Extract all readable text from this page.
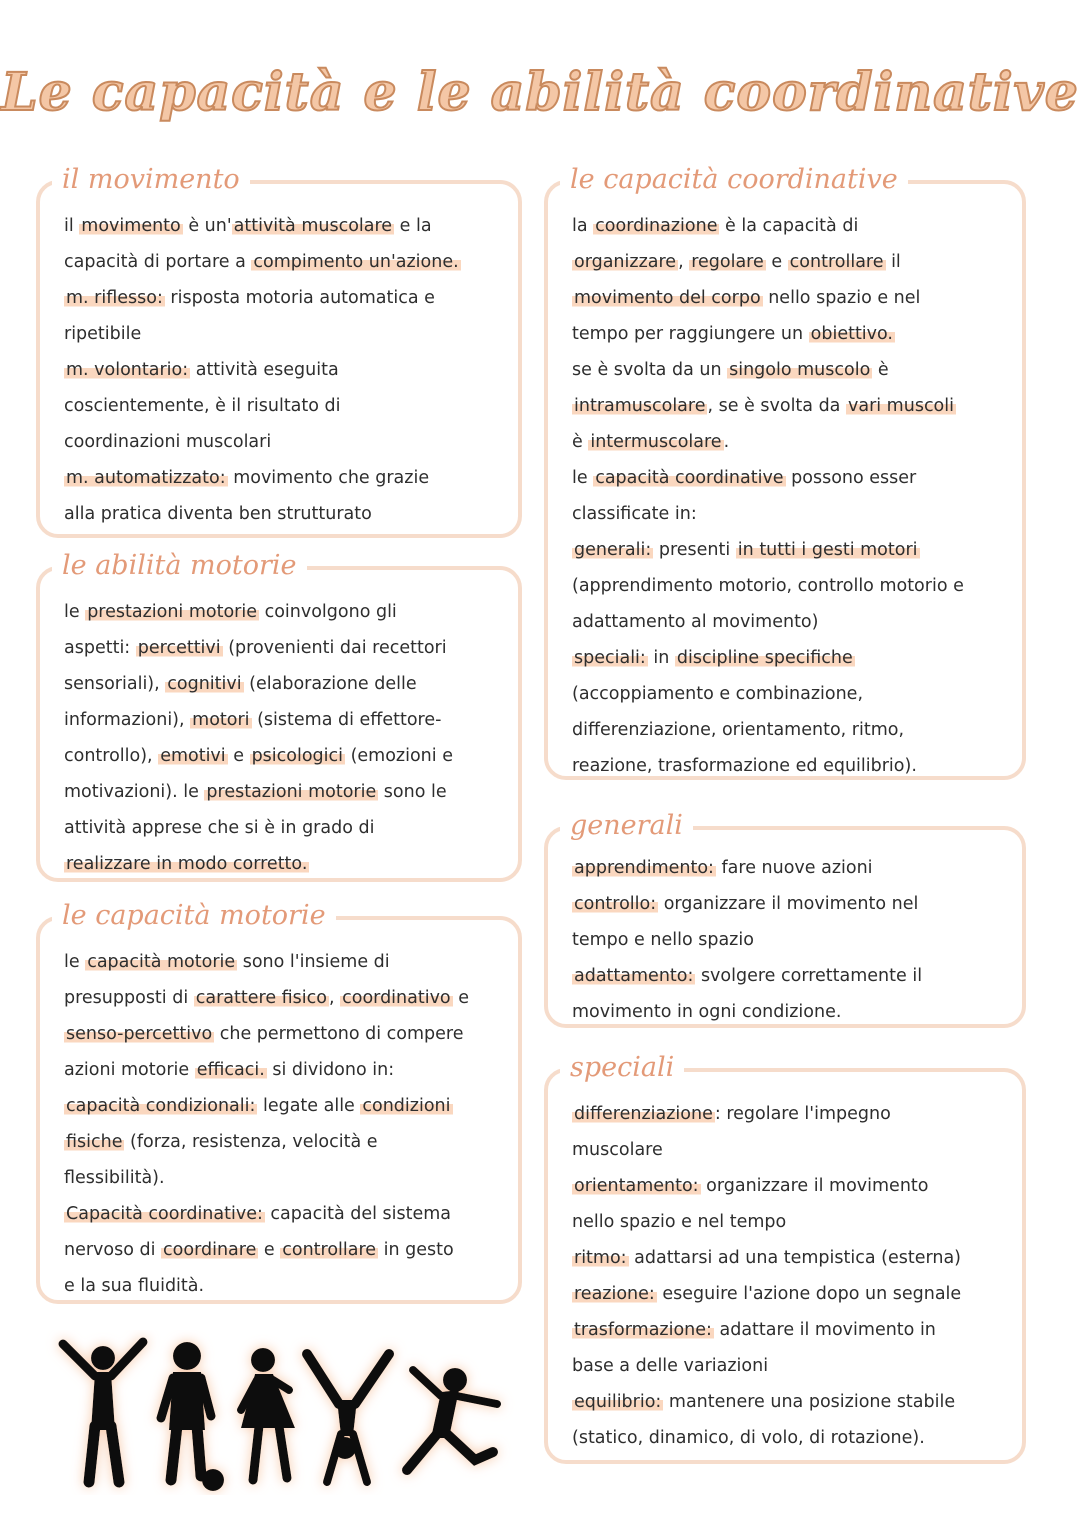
Le capacità e le abilità coordinative
il movimento
il movimento è un' attività muscolare e la
capacità di portare a compimento un'azione.
m. riflesso: risposta motoria automatica e
ripetibile
m. volontario: attività eseguita
coscientemente, è il risultato di
coordinazioni muscolari
m. automatizzato: movimento che grazie
alla pratica diventa ben strutturato
le abilità motorie
le prestazioni motorie coinvolgono gli
aspetti: percettivi (provenienti dai recettori
sensoriali), cognitivi (elaborazione delle
informazioni), motori (sistema di effettore-
controllo), emotivi e psicologici (emozioni e
motivazioni). le prestazioni motorie sono le
attività apprese che si è in grado di
realizzare in modo corretto.
le capacità motorie
le capacità motorie sono l'insieme di
presupposti di carattere fisico , coordinativo e
senso-percettivo che permettono di compere
azioni motorie efficaci. si dividono in:
capacità condizionali: legate alle condizioni
fisiche (forza, resistenza, velocità e
flessibilità).
Capacità coordinative: capacità del sistema
nervoso di coordinare e controllare in gesto
e la sua fluidità.
le capacità coordinative
la coordinazione è la capacità di
organizzare , regolare e controllare il
movimento del corpo nello spazio e nel
tempo per raggiungere un obiettivo.
se è svolta da un singolo muscolo è
intramuscolare , se è svolta da vari muscoli
è intermuscolare .
le capacità coordinative possono esser
classificate in:
generali: presenti in tutti i gesti motori
(apprendimento motorio, controllo motorio e
adattamento al movimento)
speciali: in discipline specifiche
(accoppiamento e combinazione,
differenziazione, orientamento, ritmo,
reazione, trasformazione ed equilibrio).
generali
apprendimento: fare nuove azioni
controllo: organizzare il movimento nel
tempo e nello spazio
adattamento: svolgere correttamente il
movimento in ogni condizione.
speciali
differenziazione : regolare l'impegno
muscolare
orientamento: organizzare il movimento
nello spazio e nel tempo
ritmo: adattarsi ad una tempistica (esterna)
reazione: eseguire l'azione dopo un segnale
trasformazione: adattare il movimento in
base a delle variazioni
equilibrio: mantenere una posizione stabile
(statico, dinamico, di volo, di rotazione).
